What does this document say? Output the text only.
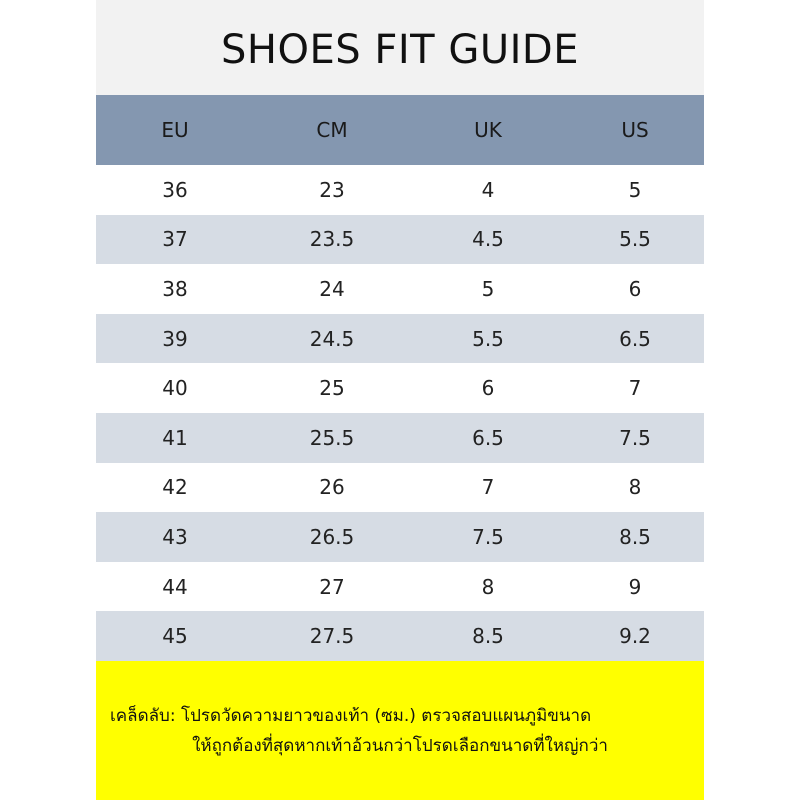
SHOES FIT GUIDE
EU	CM	UK	US
36	23	4	5
37	23.5	4.5	5.5
38	24	5	6
39	24.5	5.5	6.5
40	25	6	7
41	25.5	6.5	7.5
42	26	7	8
43	26.5	7.5	8.5
44	27	8	9
45	27.5	8.5	9.2

เคล็ดลับ: โปรดวัดความยาวของเท้า (ซม.) ตรวจสอบแผนภูมิขนาด

ให้ถูกต้องที่สุดหากเท้าอ้วนกว่าโปรดเลือกขนาดที่ใหญ่กว่า
